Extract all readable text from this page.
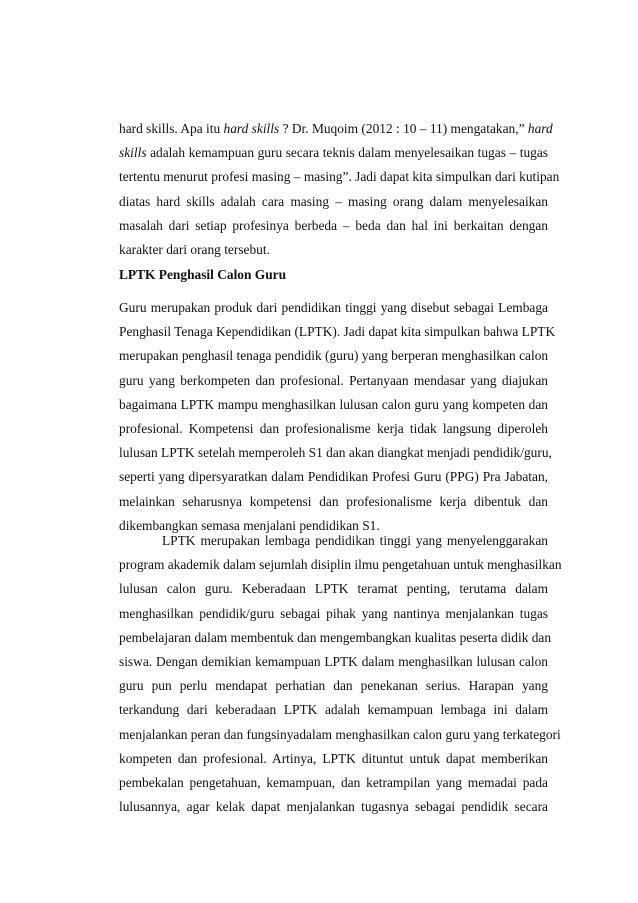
hard skills. Apa itu hard skills ? Dr. Muqoim (2012 : 10 – 11) mengatakan,” hard
skills adalah kemampuan guru secara teknis dalam menyelesaikan tugas – tugas
tertentu menurut profesi masing – masing”. Jadi dapat kita simpulkan dari kutipan
diatas hard skills adalah cara masing – masing orang dalam menyelesaikan
masalah dari setiap profesinya berbeda – beda dan hal ini berkaitan dengan
karakter dari orang tersebut.
LPTK Penghasil Calon Guru
Guru merupakan produk dari pendidikan tinggi yang disebut sebagai Lembaga
Penghasil Tenaga Kependidikan (LPTK). Jadi dapat kita simpulkan bahwa LPTK
merupakan penghasil tenaga pendidik (guru) yang berperan menghasilkan calon
guru yang berkompeten dan profesional. Pertanyaan mendasar yang diajukan
bagaimana LPTK mampu menghasilkan lulusan calon guru yang kompeten dan
profesional. Kompetensi dan profesionalisme kerja tidak langsung diperoleh
lulusan LPTK setelah memperoleh S1 dan akan diangkat menjadi pendidik/guru,
seperti yang dipersyaratkan dalam Pendidikan Profesi Guru (PPG) Pra Jabatan,
melainkan seharusnya kompetensi dan profesionalisme kerja dibentuk dan
dikembangkan semasa menjalani pendidikan S1.
LPTK merupakan lembaga pendidikan tinggi yang menyelenggarakan
program akademik dalam sejumlah disiplin ilmu pengetahuan untuk menghasilkan
lulusan calon guru. Keberadaan LPTK teramat penting, terutama dalam
menghasilkan pendidik/guru sebagai pihak yang nantinya menjalankan tugas
pembelajaran dalam membentuk dan mengembangkan kualitas peserta didik dan
siswa. Dengan demikian kemampuan LPTK dalam menghasilkan lulusan calon
guru pun perlu mendapat perhatian dan penekanan serius. Harapan yang
terkandung dari keberadaan LPTK adalah kemampuan lembaga ini dalam
menjalankan peran dan fungsinyadalam menghasilkan calon guru yang terkategori
kompeten dan profesional. Artinya, LPTK dituntut untuk dapat memberikan
pembekalan pengetahuan, kemampuan, dan ketrampilan yang memadai pada
lulusannya, agar kelak dapat menjalankan tugasnya sebagai pendidik secara
